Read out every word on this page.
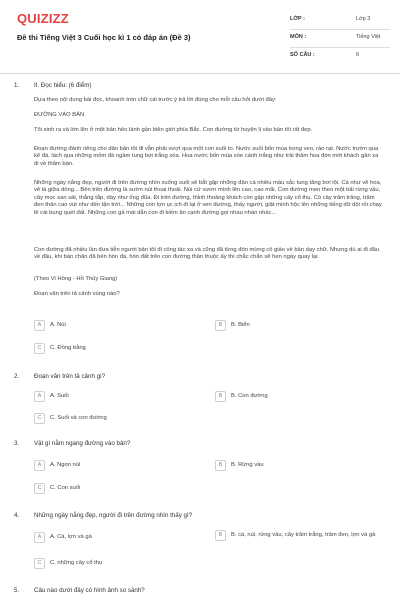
QUIZIZZ
Đề thi Tiếng Việt 3 Cuối học kì 1 có đáp án (Đề 3)
LỚP :	Lớp 3
MÔN :	Tiếng Việt
SỐ CÂU :	6
1. II. Đọc hiểu: (6 điểm)
Dựa theo nội dung bài đọc, khoanh tròn chữ cái trước ý trả lời đúng cho mỗi câu hỏi dưới đây:
ĐƯỜNG VÀO BẢN
Tôi sinh ra và lớn lên ở một bản hẻo lánh gần biên giới phía Bắc. Con đường từ huyện lị vào bản tôi rất đẹp.
Đoạn đường đánh riêng cho dân bản tôi đi vẫn phải vượt qua một con suối to. Nước suối bốn mùa trong veo, rào rạt. Nước trườn qua kẽ đá, lách qua những mỏm đá ngầm tung bọt trắng xóa. Hoa nước bốn mùa xòe cánh trắng như trải thảm hoa đón mời khách gần xa đi về thăm bản.
Những ngày nắng đẹp, người đi trên đường nhìn xuống suối sẽ bắt gặp những đàn cá nhiều màu sắc tung tăng bơi lội. Cá như vẽ hoa, vẽ lá giữa dòng... Bên trên đường là sườn núi thoai thoải. Núi cứ vươn mình lên cao, cao mãi. Con đường men theo một bãi rừng vầu, cây mọc san sát, thẳng tắp, dày như ống đũa. Đi trên đường, thỉnh thoảng khách còn gặp những cây cổ thụ. Có cây trăm trăng, trăm đen thân cao vút như đến tận trời... Những con lợn ục ịch đi lại ở ven đường, thấy người, giật mình hộc lên những tiếng dữ dội rồi chạy lẽ cái bụng quét đất. Những con gà mái dẫn con đi kiếm ăn cạnh đường gọi nhau nháo nhác...
Con đường đã nhiều lần đưa tiễn người bản tôi đi công tác xa và cũng đã từng đón mừng cô giáo về bản dạy chữ. Nhưng dù ai đi đâu về đâu, khi bàn chân đã bén hòn đá, hòn đất trên con đường thân thuộc ấy thì chắc chắn sẽ hẹn ngày quay lại.
(Theo Vi Hồng - Hồ Thủy Giang)
Đoạn văn trên tả cảnh vùng nào?
A	A. Núi	B	B. Biển
C	C. Đồng bằng
2. Đoạn văn trên tả cảnh gì?
A	A. Suối	B	B. Con đường
C	C. Suối và con đường
3. Vật gì nằm ngang đường vào bản?
A	A. Ngọn núi	B	B. Rừng vầu
C	C. Con suối
4. Những ngày nắng đẹp, người đi trên đường nhìn thấy gì?
A	A. Cá, lợn và gà	B	B. cá, núi, rừng vầu, cây trăm trắng, trăm đen, lợn và gà
C	C. những cây cổ thụ
5. Câu nào dưới đây có hình ảnh so sánh?
